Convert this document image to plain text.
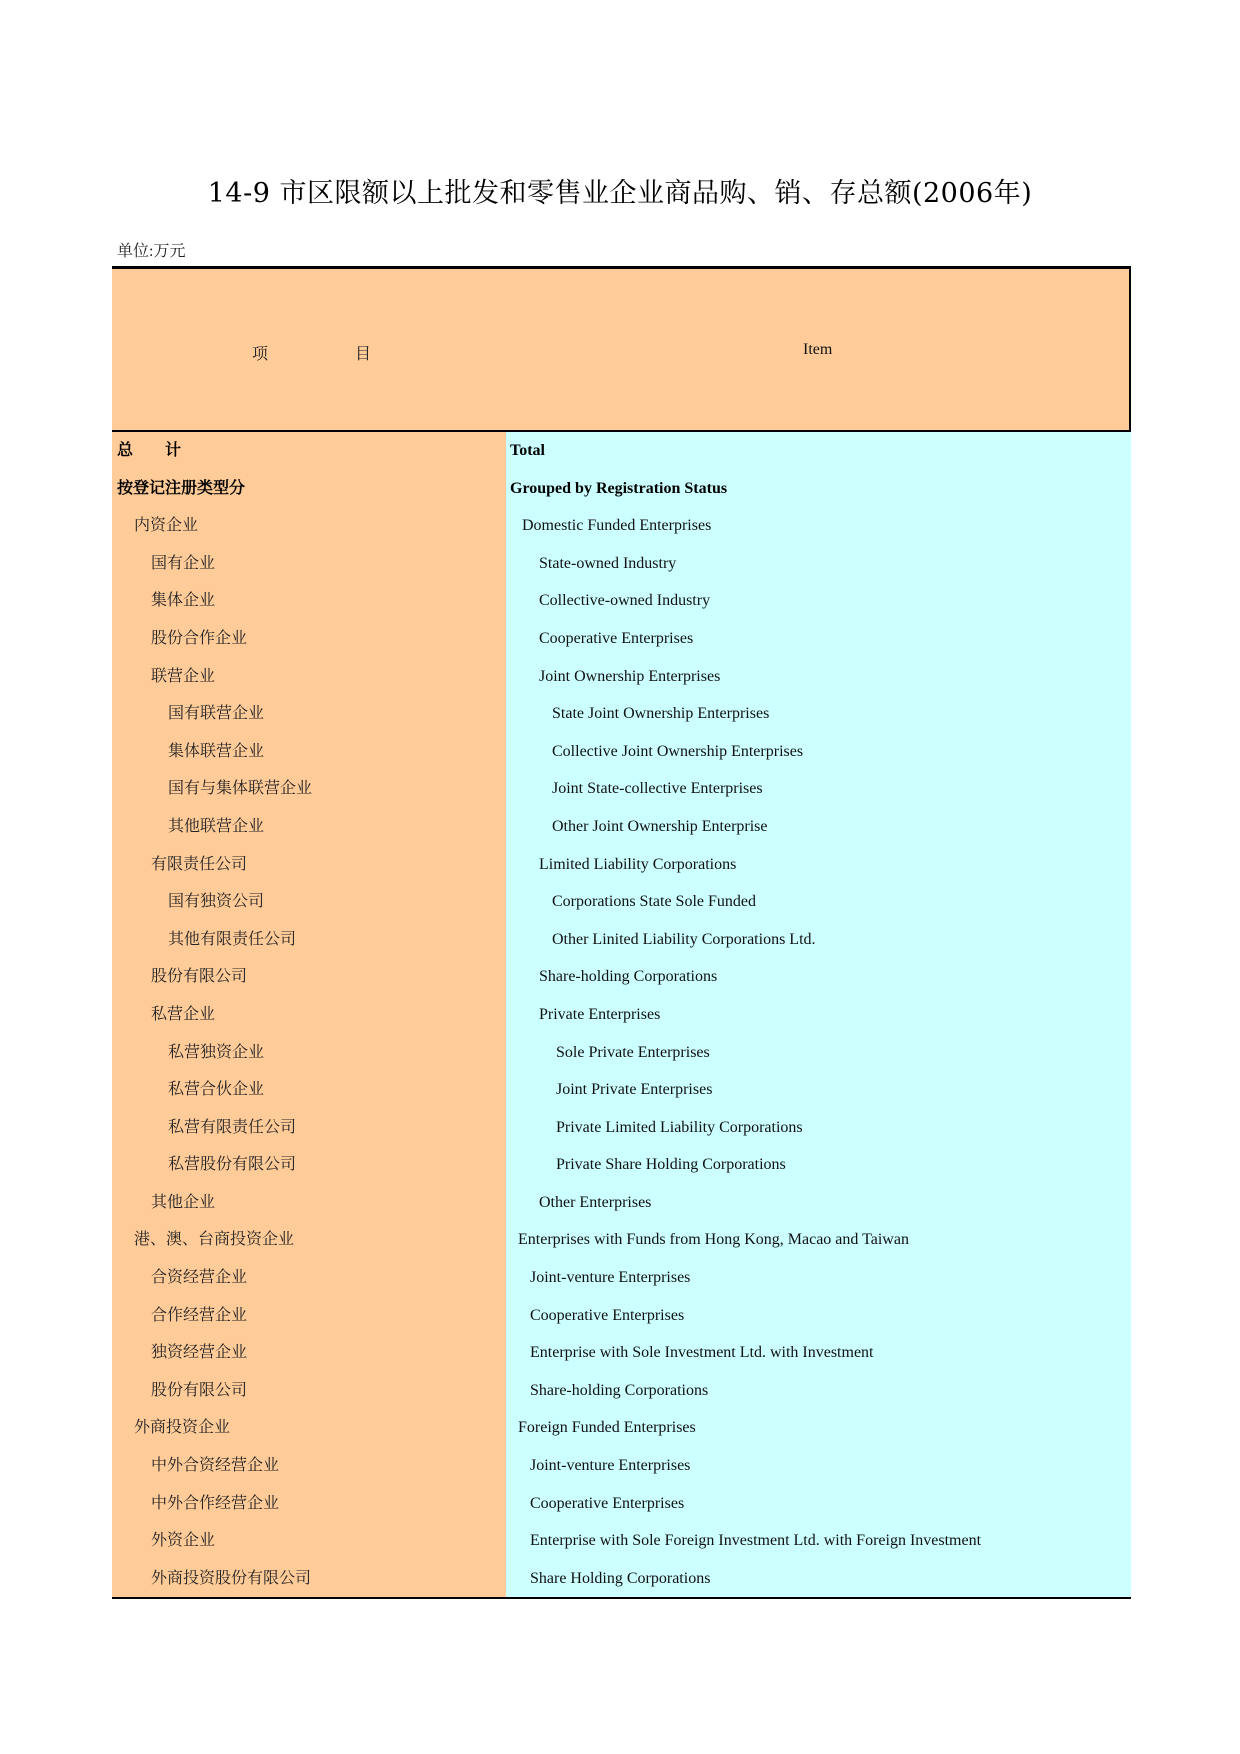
14-9 市区限额以上批发和零售业企业商品购、销、存总额(2006年)
单位:万元
项	目	Item
总　　计
按登记注册类型分
内资企业
国有企业
集体企业
股份合作企业
联营企业
国有联营企业
集体联营企业
国有与集体联营企业
其他联营企业
有限责任公司
国有独资公司
其他有限责任公司
股份有限公司
私营企业
私营独资企业
私营合伙企业
私营有限责任公司
私营股份有限公司
其他企业
港、澳、台商投资企业
合资经营企业
合作经营企业
独资经营企业
股份有限公司
外商投资企业
中外合资经营企业
中外合作经营企业
外资企业
外商投资股份有限公司
Total
Grouped by Registration Status
Domestic Funded Enterprises
State-owned Industry
Collective-owned Industry
Cooperative Enterprises
Joint Ownership Enterprises
State Joint Ownership Enterprises
Collective Joint Ownership Enterprises
Joint State-collective Enterprises
Other Joint Ownership Enterprise
Limited Liability Corporations
Corporations State Sole Funded
Other Linited Liability Corporations Ltd.
Share-holding Corporations
Private Enterprises
Sole Private Enterprises
Joint Private Enterprises
Private Limited Liability Corporations
Private Share Holding Corporations
Other Enterprises
Enterprises with Funds from Hong Kong, Macao and Taiwan
Joint-venture Enterprises
Cooperative Enterprises
Enterprise with Sole Investment Ltd. with Investment
Share-holding Corporations
Foreign Funded Enterprises
Joint-venture Enterprises
Cooperative Enterprises
Enterprise with Sole Foreign Investment Ltd. with Foreign Investment
Share Holding Corporations
